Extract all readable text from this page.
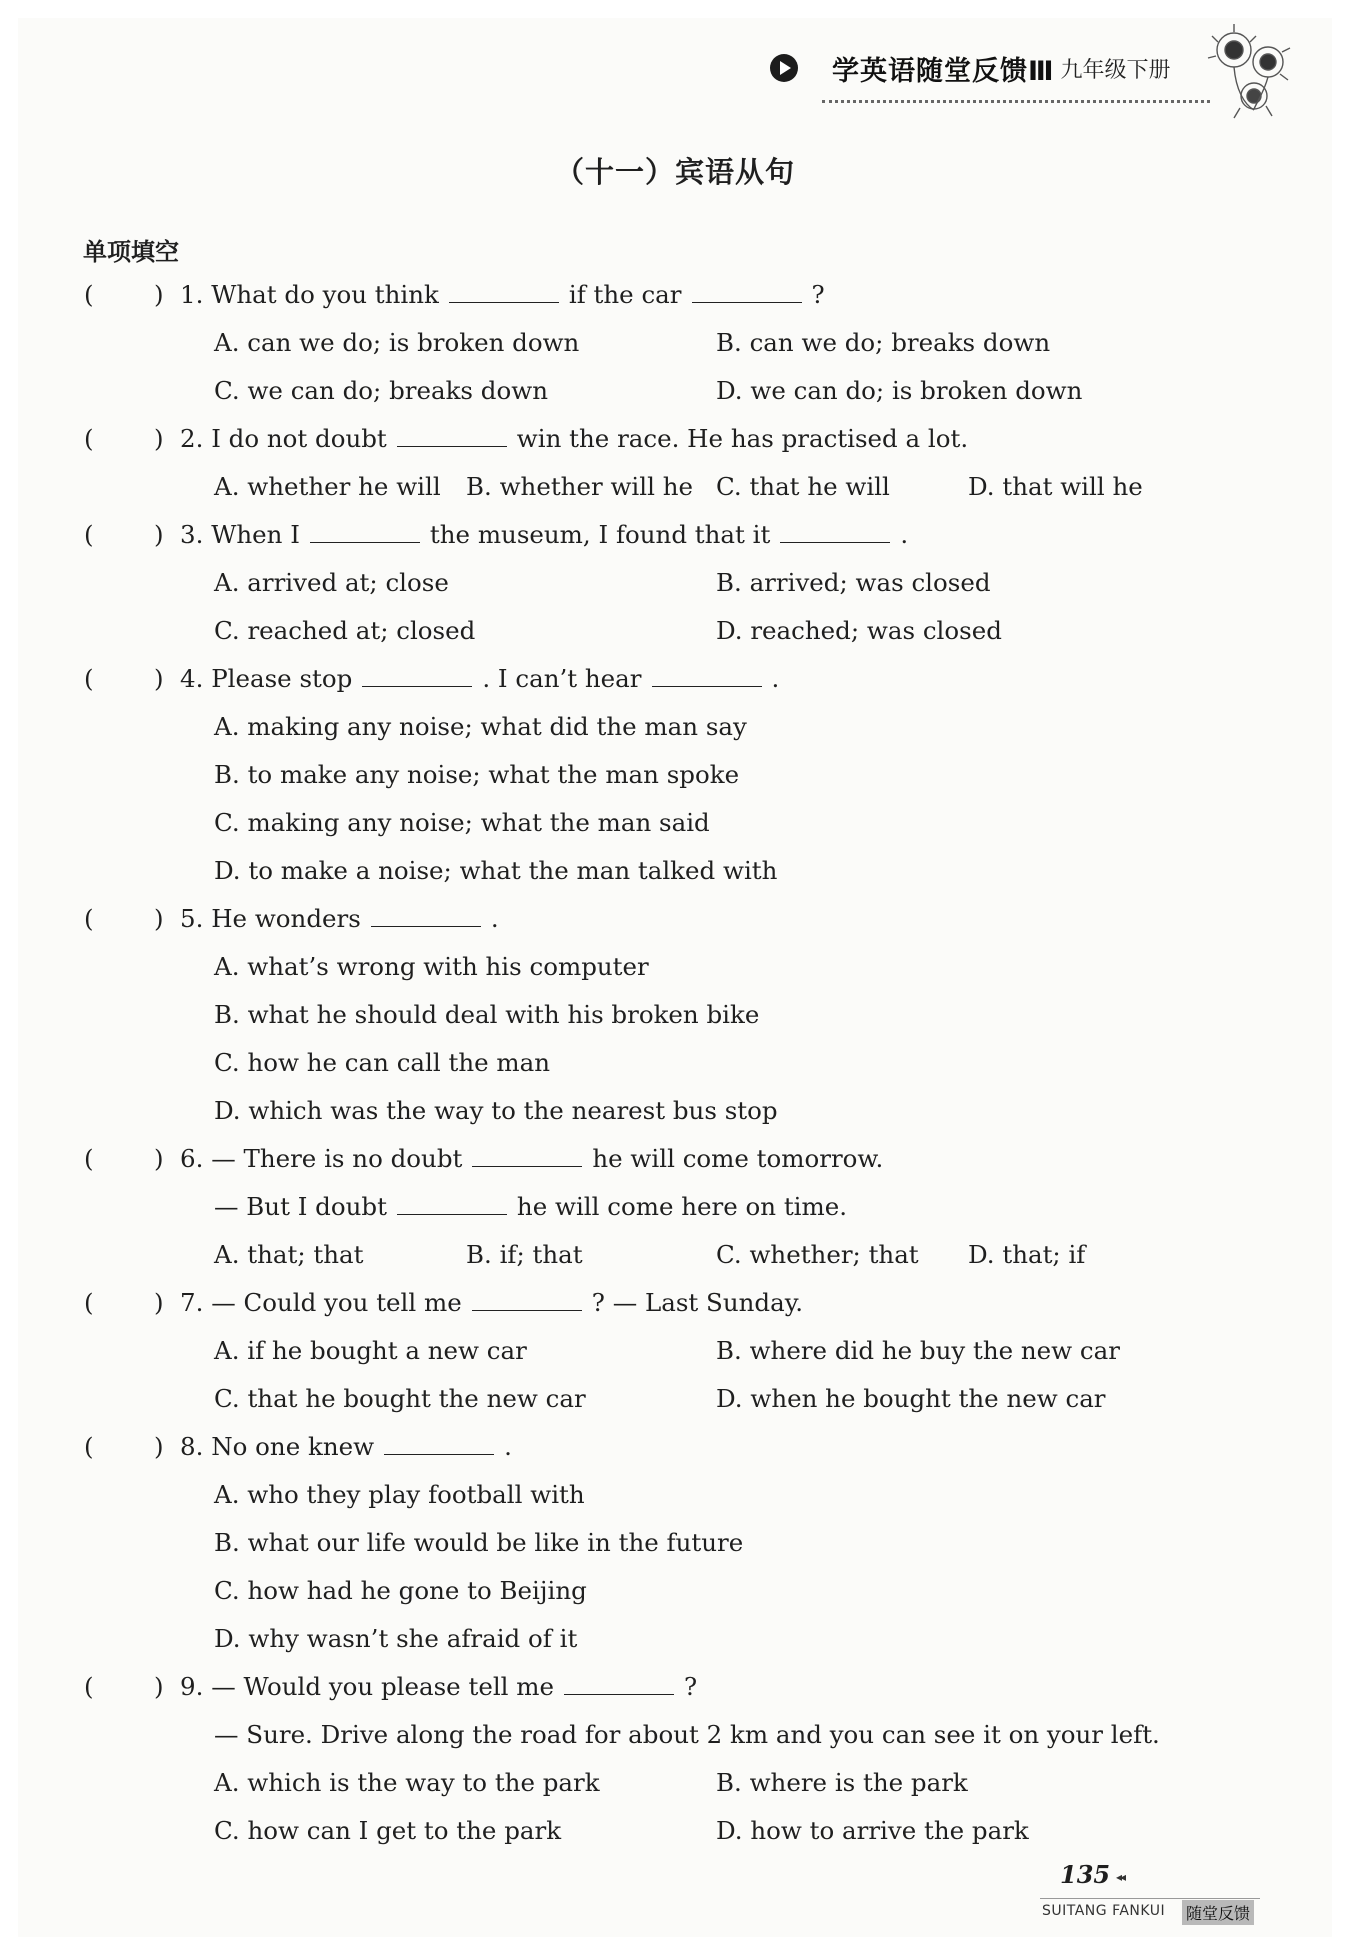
学英语随堂反馈Ⅲ 九年级下册
（十一）宾语从句
单项填空
( ) 1. What do you think	if the car	?
A. can we do; is broken down	B. can we do; breaks down
C. we can do; breaks down	D. we can do; is broken down
( ) 2. I do not doubt	win the race. He has practised a lot.
A. whether he will B. whether will he C. that he will	D. that will he
( ) 3. When I	the museum, I found that it	.
A. arrived at; close	B. arrived; was closed
C. reached at; closed	D. reached; was closed
( ) 4. Please stop	. I can’t hear	.
A. making any noise; what did the man say
B. to make any noise; what the man spoke
C. making any noise; what the man said
D. to make a noise; what the man talked with
( ) 5. He wonders	.
A. what’s wrong with his computer
B. what he should deal with his broken bike
C. how he can call the man
D. which was the way to the nearest bus stop
( ) 6. — There is no doubt	he will come tomorrow.
— But I doubt	he will come here on time.
A. that; that	B. if; that	C. whether; that D. that; if
( ) 7. — Could you tell me	? — Last Sunday.
A. if he bought a new car	B. where did he buy the new car
C. that he bought the new car	D. when he bought the new car
( ) 8. No one knew	.
A. who they play football with
B. what our life would be like in the future
C. how had he gone to Beijing
D. why wasn’t she afraid of it
( ) 9. — Would you please tell me	?
— Sure. Drive along the road for about 2 km and you can see it on your left.
A. which is the way to the park	B. where is the park
C. how can I get to the park	D. how to arrive the park
135 ◂◂
SUITANG FANKUI 随堂反馈
